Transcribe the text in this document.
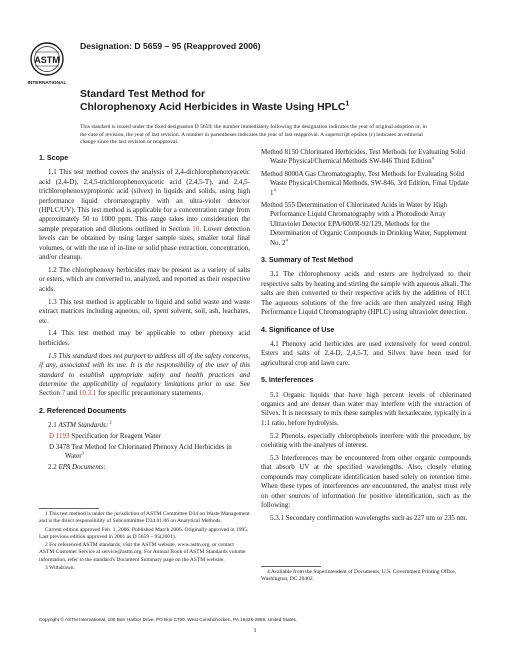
ASTM
INTERNATIONAL
Designation: D 5659 – 95 (Reapproved 2006)
Standard Test Method for
Chlorophenoxy Acid Herbicides in Waste Using HPLC$^1$
This standard is issued under the fixed designation D 5659; the number immediately following the designation indicates the year of original adoption or, in the case of revision, the year of last revision. A number in parentheses indicates the year of last reapproval. A superscript epsilon (ε) indicates an editorial change since the last revision or reapproval.
1. Scope

1.1 This test method covers the analysis of 2,4-dichlorophenoxyacetic acid (2,4-D), 2,4,5-trichlorophenoxyacetic acid (2,4,5-T), and 2,4,5-trichlorophenoxypropionic acid (silvex) in liquids and solids, using high performance liquid chromatography with an ultra-violet detector (HPLC/UV). This test method is applicable for a concentration range from approximately 50 to 1000 ppm. This range takes into consideration the sample preparation and dilutions outlined in Section 10. Lower detection levels can be obtained by using larger sample sizes, smaller total final volumes, or with the use of in-line or solid phase extraction, concentration, and/or cleanup.

1.2 The chlorophenoxy herbicides may be present as a variety of salts or esters, which are converted to, analyzed, and reported as their respective acids.

1.3 This test method is applicable to liquid and solid waste and waste extract matrices including aqueous, oil, spent solvent, soil, ash, leachates, etc.

1.4 This test method may be applicable to other phenoxy acid herbicides.

1.5 This standard does not purport to address all of the safety concerns, if any, associated with its use. It is the responsibility of the user of this standard to establish appropriate safety and health practices and determine the applicability of regulatory limitations prior to use. See Section 7 and 10.3.1 for specific precautionary statements.

2. Referenced Documents

2.1 ASTM Standards: $^2$

D 1193 Specification for Reagent Water

D 3478 Test Method for Chlorinated Phenoxy Acid Herbicides in Water$^3$

2.2 EPA Documents:

1 This test method is under the jurisdiction of ASTM Committee D34 on Waste Management and is the direct responsibility of Subcommittee D34.01.06 on Analytical Methods.

Current edition approved Feb. 1, 2006. Published March 2006. Originally approved in 1995. Last previous edition approved in 2001 as D 5659 – 95(2001).

2 For referenced ASTM standards, visit the ASTM website, www.astm.org, or contact ASTM Customer Service at service@astm.org. For Annual Book of ASTM Standards volume information, refer to the standard's Document Summary page on the ASTM website.

3 Withdrawn.

Method 8150 Chlorinated Herbicides, Test Methods for Evaluating Solid Waste Physical/Chemical Methods SW-846 Third Edition$^4$

Method 8000A Gas Chromatography, Test Methods for Evaluating Solid Waste Physical/Chemical Methods, SW-846, 3rd Edition, Final Update $1^4$

Method 555 Determination of Chlorinated Acids in Water by High Performance Liquid Chromatography with a Photodiode Array Ultraviolet Detector EPA/600/R-92/129, Methods for the Determination of Organic Compounds in Drinking Water, Supplement No. $2^4$

3. Summary of Test Method

3.1 The chlorophenoxy acids and esters are hydrolyzed to their respective salts by heating and stirring the sample with aqueous alkali. The salts are then converted to their respective acids by the addition of HCl. The aqueous solutions of the free acids are then analyzed using High Performance Liquid Chromatography (HPLC) using ultraviolet detection.

4. Significance of Use

4.1 Phenoxy acid herbicides are used extensively for weed control. Esters and salts of 2,4-D, 2,4,5-T, and Silvex have been used for agricultural crop and lawn care.

5. Interferences

5.1 Organic liquids that have high percent levels of chlorinated organics and are denser than water may interfere with the extraction of Silvex. It is necessary to mix these samples with hexadecane, typically in a 1:1 ratio, before hydrolysis.

5.2 Phenols, especially chlorophenols interfere with the procedure, by coeluting with the analytes of interest.

5.3 Interferences may be encountered from other organic compounds that absorb UV at the specified wavelengths. Also, closely eluting compounds may complicate identification based solely on retention time. When these types of interferences are encountered, the analyst must rely on other sources of information for positive identification, such as the following:

5.3.1 Secondary confirmation wavelengths such as 227 nm or 235 nm.

4 Available from the Superintendent of Documents, U.S. Government Printing Office, Washington, DC 20402.

Copyright © ASTM International, 100 Barr Harbor Drive, PO Box C700, West Conshohocken, PA 19428-2959, United States.
1
